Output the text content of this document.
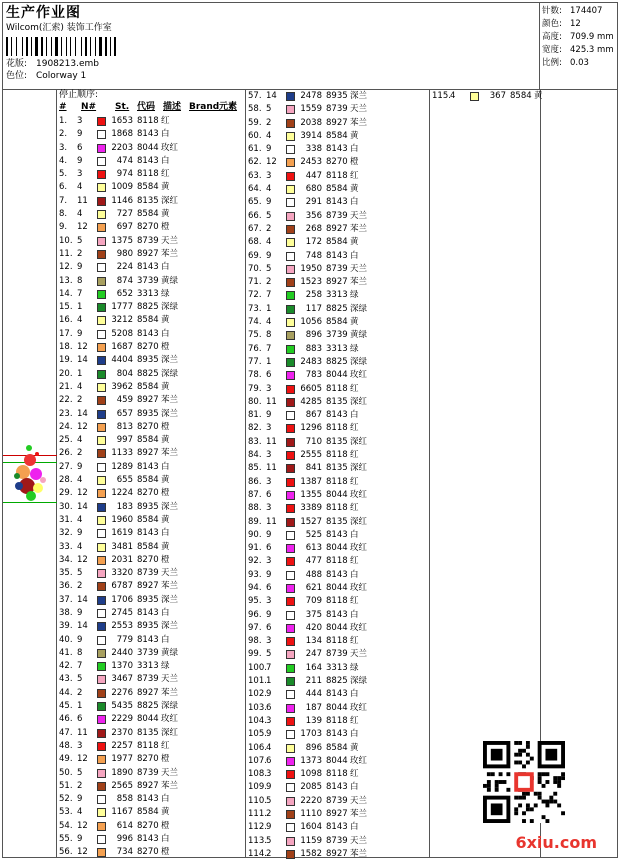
生产作业图
Wilcom(汇索) 装饰工作室
花版: 1908213.emb
色位: Colorway 1
针数: 174407
颜色: 12
高度: 709.9 mm
宽度: 425.3 mm
比例: 0.03
停止顺序:
# N# St. 代码 描述 Brand 元素
1. 3	1653 8118 红
2. 9	1868 8143 白
3. 6	2203 8044 玫红
4. 9	474 8143 白
5. 3	974 8118 红
6. 4	1009 8584 黄
7. 11	1146 8135 深红
8. 4	727 8584 黄
9. 12	697 8270 橙
10. 5	1375 8739 天兰
11. 2	980 8927 苯兰
12. 9	224 8143 白
13. 8	874 3739 黄绿
14. 7	652 3313 绿
15. 1	1777 8825 深绿
16. 4	3212 8584 黄
17. 9	5208 8143 白
18. 12	1687 8270 橙
19. 14	4404 8935 深兰
20. 1	804 8825 深绿
21. 4	3962 8584 黄
22. 2	459 8927 苯兰
23. 14	657 8935 深兰
24. 12	813 8270 橙
25. 4	997 8584 黄
26. 2	1133 8927 苯兰
27. 9	1289 8143 白
28. 4	655 8584 黄
29. 12	1224 8270 橙
30. 14	183 8935 深兰
31. 4	1960 8584 黄
32. 9	1619 8143 白
33. 4	3481 8584 黄
34. 12	2031 8270 橙
35. 5	3320 8739 天兰
36. 2	6787 8927 苯兰
37. 14	1706 8935 深兰
38. 9	2745 8143 白
39. 14	2553 8935 深兰
40. 9	779 8143 白
41. 8	2440 3739 黄绿
42. 7	1370 3313 绿
43. 5	3467 8739 天兰
44. 2	2276 8927 苯兰
45. 1	5435 8825 深绿
46. 6	2229 8044 玫红
47. 11	2370 8135 深红
48. 3	2257 8118 红
49. 12	1977 8270 橙
50. 5	1890 8739 天兰
51. 2	2565 8927 苯兰
52. 9	858 8143 白
53. 4	1167 8584 黄
54. 12	614 8270 橙
55. 9	996 8143 白
56. 12	734 8270 橙
57. 14	2478 8935 深兰
58. 5	1559 8739 天兰
59. 2	2038 8927 苯兰
60. 4	3914 8584 黄
61. 9	338 8143 白
62. 12	2453 8270 橙
63. 3	447 8118 红
64. 4	680 8584 黄
65. 9	291 8143 白
66. 5	356 8739 天兰
67. 2	268 8927 苯兰
68. 4	172 8584 黄
69. 9	748 8143 白
70. 5	1950 8739 天兰
71. 2	1523 8927 苯兰
72. 7	258 3313 绿
73. 1	117 8825 深绿
74. 4	1056 8584 黄
75. 8	896 3739 黄绿
76. 7	883 3313 绿
77. 1	2483 8825 深绿
78. 6	783 8044 玫红
79. 3	6605 8118 红
80. 11	4285 8135 深红
81. 9	867 8143 白
82. 3	1296 8118 红
83. 11	710 8135 深红
84. 3	2555 8118 红
85. 11	841 8135 深红
86. 3	1387 8118 红
87. 6	1355 8044 玫红
88. 3	3389 8118 红
89. 11	1527 8135 深红
90. 9	525 8143 白
91. 6	613 8044 玫红
92. 3	477 8118 红
93. 9	488 8143 白
94. 6	621 8044 玫红
95. 3	709 8118 红
96. 9	375 8143 白
97. 6	420 8044 玫红
98. 3	134 8118 红
99. 5	247 8739 天兰
100. 7	164 3313 绿
101. 1	211 8825 深绿
102. 9	444 8143 白
103. 6	187 8044 玫红
104. 3	139 8118 红
105. 9	1703 8143 白
106. 4	896 8584 黄
107. 6	1373 8044 玫红
108. 3	1098 8118 红
109. 9	2085 8143 白
110. 5	2220 8739 天兰
111. 2	1110 8927 苯兰
112. 9	1604 8143 白
113. 5	1159 8739 天兰
114. 2	1582 8927 苯兰
115. 4	367 8584 黄
6xiu.com
